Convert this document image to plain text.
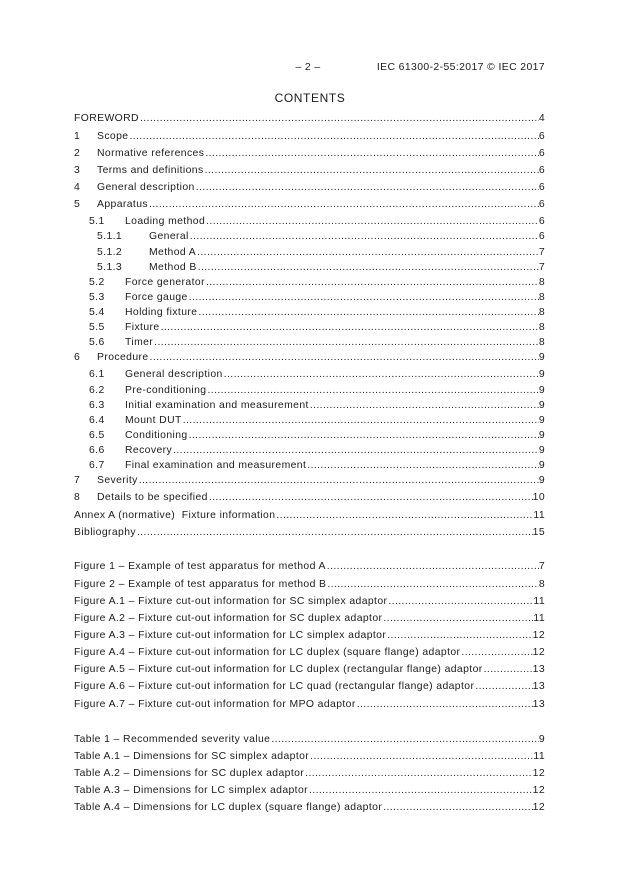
– 2 –	IEC 61300-2-55:2017 © IEC 2017
CONTENTS
FOREWORD .....	4
1	Scope .....	6
2	Normative references .....	6
3	Terms and definitions .....	6
4	General description .....	6
5	Apparatus .....	6
5.1	Loading method .....	6
5.1.1	General .....	6
5.1.2	Method A .....	7
5.1.3	Method B .....	7
5.2	Force generator .....	8
5.3	Force gauge .....	8
5.4	Holding fixture .....	8
5.5	Fixture .....	8
5.6	Timer .....	8
6	Procedure .....	9
6.1	General description .....	9
6.2	Pre-conditioning .....	9
6.3	Initial examination and measurement .....	9
6.4	Mount DUT .....	9
6.5	Conditioning .....	9
6.6	Recovery .....	9
6.7	Final examination and measurement .....	9
7	Severity .....	9
8	Details to be specified .....	10
Annex A (normative)  Fixture information .....	11
Bibliography .....	15
Figure 1 – Example of test apparatus for method A .....	7
Figure 2 – Example of test apparatus for method B .....	8
Figure A.1 – Fixture cut-out information for SC simplex adaptor .....	11
Figure A.2 – Fixture cut-out information for SC duplex adaptor .....	11
Figure A.3 – Fixture cut-out information for LC simplex adaptor .....	12
Figure A.4 – Fixture cut-out information for LC duplex (square flange) adaptor .....	12
Figure A.5 – Fixture cut-out information for LC duplex (rectangular flange) adaptor .....	13
Figure A.6 – Fixture cut-out information for LC quad (rectangular flange) adaptor .....	13
Figure A.7 – Fixture cut-out information for MPO adaptor .....	13
Table 1 – Recommended severity value .....	9
Table A.1 – Dimensions for SC simplex adaptor .....	11
Table A.2 – Dimensions for SC duplex adaptor .....	12
Table A.3 – Dimensions for LC simplex adaptor .....	12
Table A.4 – Dimensions for LC duplex (square flange) adaptor .....	12
